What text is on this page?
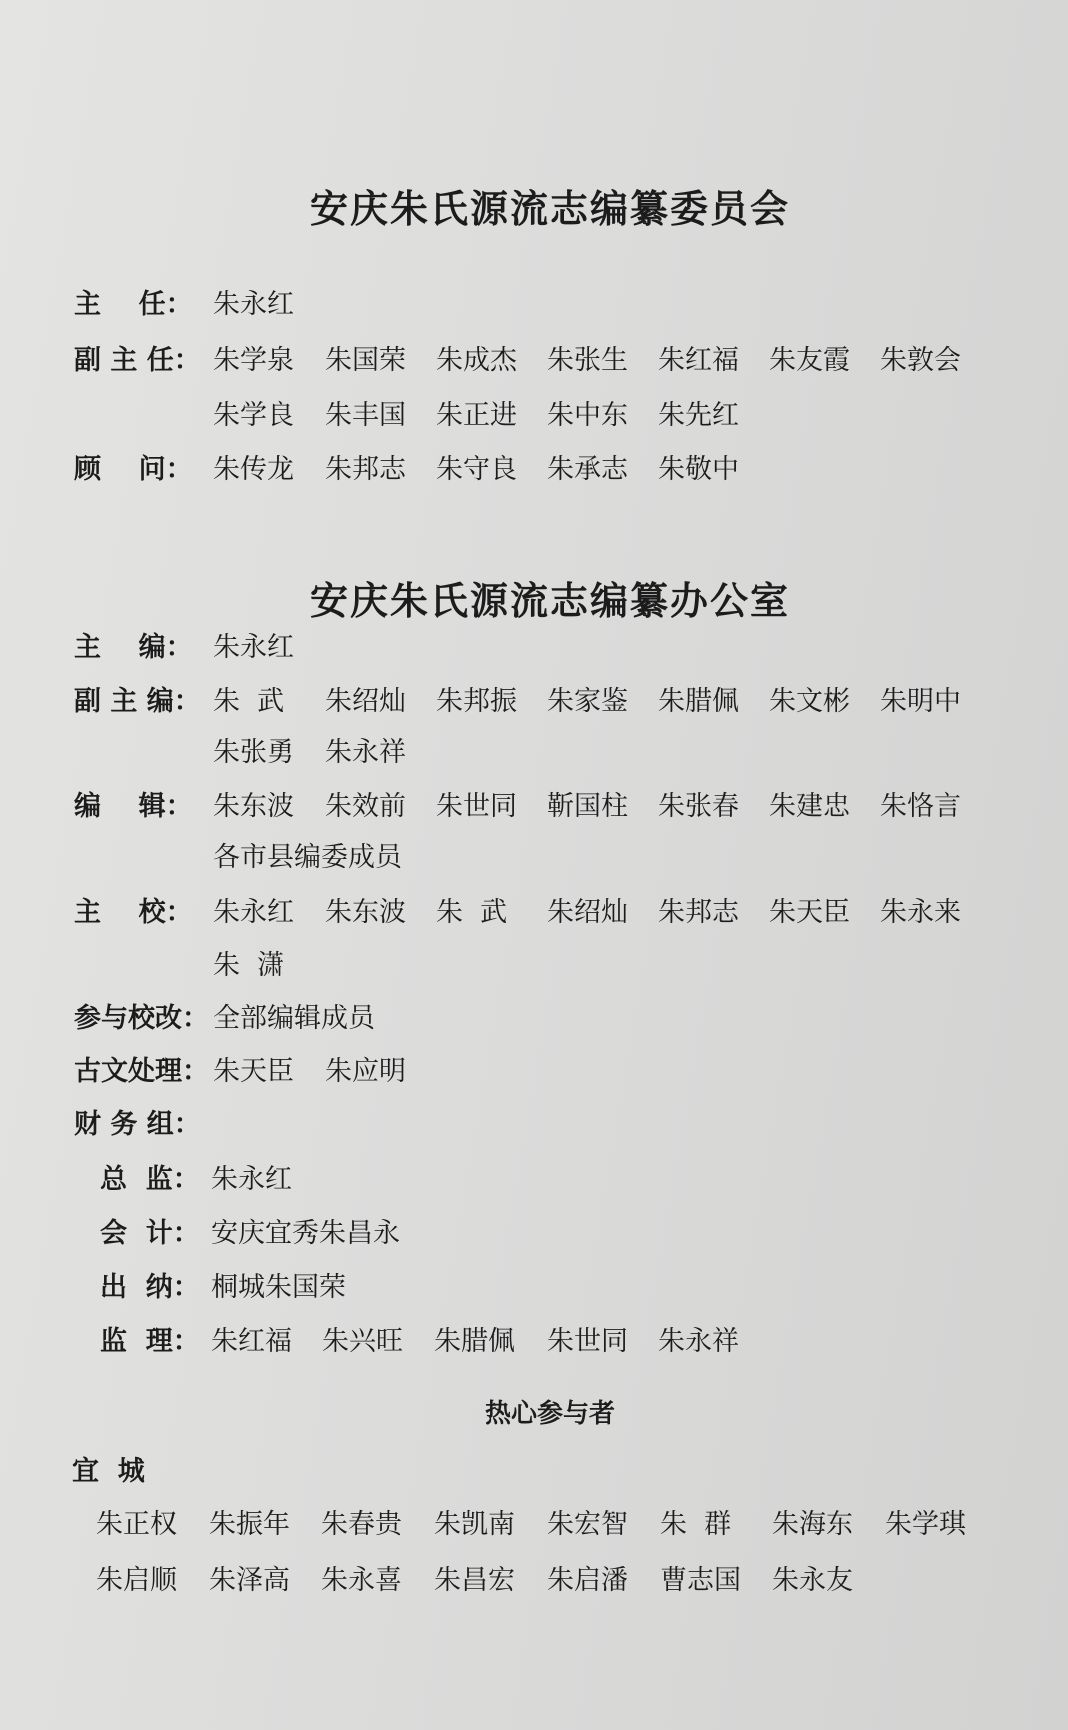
安庆朱氏源流志编纂委员会
主    任： 朱永红
副 主 任： 朱学泉 朱国荣 朱成杰 朱张生 朱红福 朱友霞 朱敦会
朱学良 朱丰国 朱正进 朱中东 朱先红
顾    问： 朱传龙 朱邦志 朱守良 朱承志 朱敬中
安庆朱氏源流志编纂办公室
主    编： 朱永红
副 主 编： 朱  武 朱绍灿 朱邦振 朱家鉴 朱腊佩 朱文彬 朱明中
朱张勇 朱永祥
编    辑： 朱东波 朱效前 朱世同 靳国柱 朱张春 朱建忠 朱恪言
各市县编委成员
主    校： 朱永红 朱东波 朱  武 朱绍灿 朱邦志 朱天臣 朱永来
朱  潇
参与校改： 全部编辑成员
古文处理： 朱天臣 朱应明
财 务 组：
总  监： 朱永红
会  计： 安庆宜秀朱昌永
出  纳： 桐城朱国荣
监  理： 朱红福 朱兴旺 朱腊佩 朱世同 朱永祥
热心参与者
宜  城
朱正权 朱振年 朱春贵 朱凯南 朱宏智 朱  群 朱海东 朱学琪
朱启顺 朱泽高 朱永喜 朱昌宏 朱启潘 曹志国 朱永友
